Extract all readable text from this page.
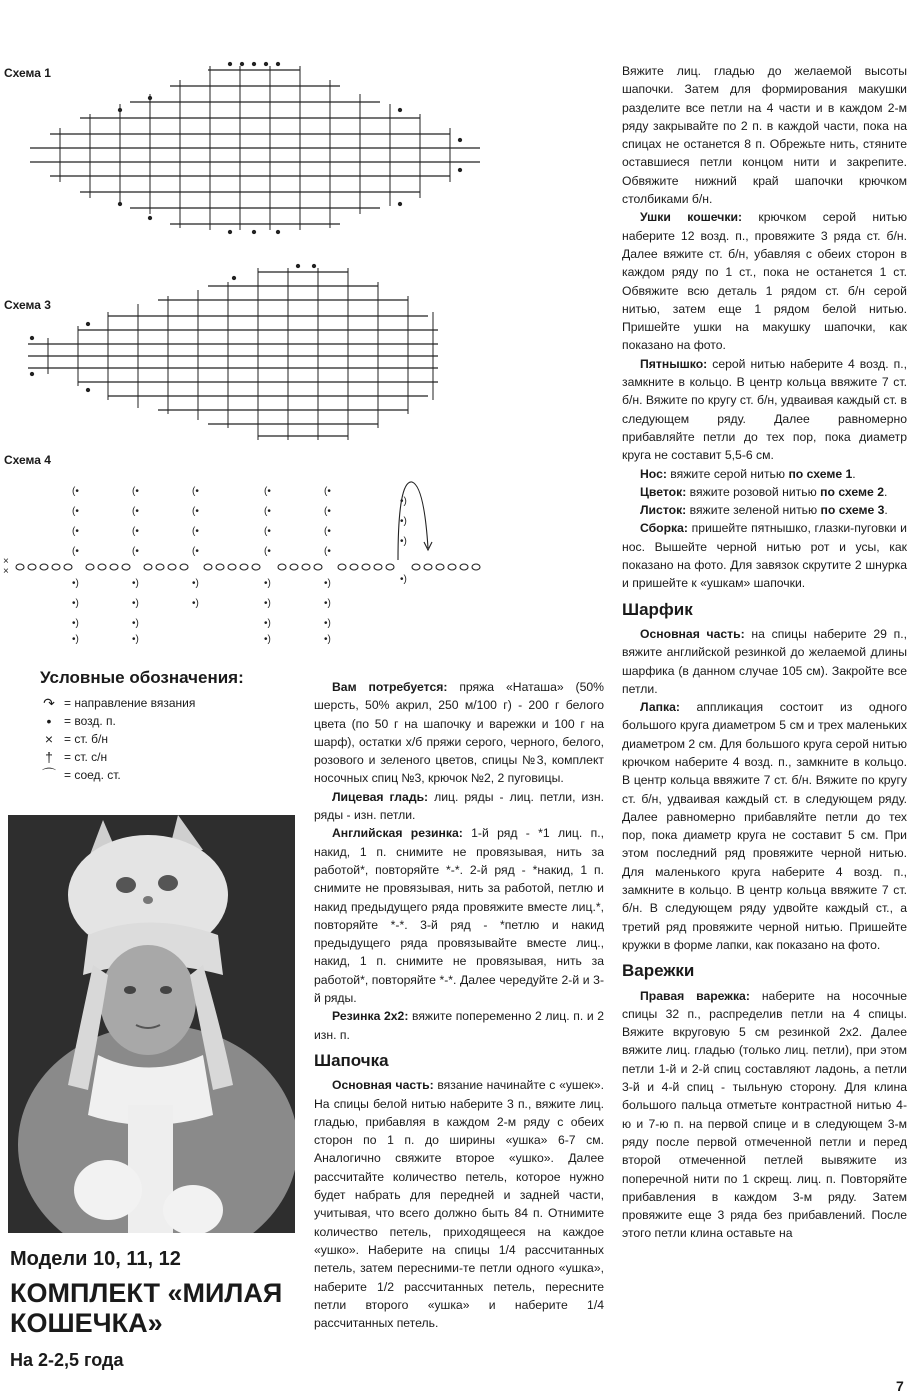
Схема 1
Схема 3
Схема 4
×
×
(•
(•
(•
(•
•)
•)
•)
•)
(•
(•
(•
(•
•)
•)
•)
•)
(•
(•
(•
(•
•)
•)
(•
(•
(•
(•
•)
•)
•)
•)
(•
(•
(•
(•
•)
•)
•)
•)
•)
•)
•)
•)
Условные обозначения:
↷ = направление вязания
•	= возд. п.
× = ст. б/н
† = ст. с/н
⌒ = соед. ст.
Модели 10, 11, 12
КОМПЛЕКТ «МИЛАЯ
КОШЕЧКА»
На 2-2,5 года

Вам потребуется: пряжа «Наташа» (50% шерсть, 50% акрил, 250 м/100 г) - 200 г белого цвета (по 50 г на шапочку и варежки и 100 г на шарф), остатки х/б пряжи серого, черного, белого, розового и зеленого цветов, спицы №3, комплект носочных спиц №3, крючок №2, 2 пуговицы.

Лицевая гладь: лиц. ряды - лиц. петли, изн. ряды - изн. петли.

Английская резинка: 1-й ряд - *1 лиц. п., накид, 1 п. снимите не провязывая, нить за работой*, повторяйте *-*. 2-й ряд - *накид, 1 п. снимите не провязывая, нить за работой, петлю и накид предыдущего ряда провяжите вместе лиц.*, повторяйте *-*. 3-й ряд - *петлю и накид предыдущего ряда провязывайте вместе лиц., накид, 1 п. снимите не провязывая, нить за работой*, повторяйте *-*. Далее чередуйте 2-й и 3-й ряды.

Резинка 2х2: вяжите попеременно 2 лиц. п. и 2 изн. п.

Шапочка

Основная часть: вязание начинайте с «ушек». На спицы белой нитью наберите 3 п., вяжите лиц. гладью, прибавляя в каждом 2-м ряду с обеих сторон по 1 п. до ширины «ушка» 6-7 см. Аналогично свяжите второе «ушко». Далее рассчитайте количество петель, которое нужно будет набрать для передней и задней части, учитывая, что всего должно быть 84 п. Отнимите количество петель, приходящееся на каждое «ушко». Наберите на спицы 1/4 рассчитанных петель, затем пересними-те петли одного «ушка», наберите 1/2 рассчитанных петель, пересните петли второго «ушка» и наберите 1/4 рассчитанных петель.

Вяжите лиц. гладью до желаемой высоты шапочки. Затем для формирования макушки разделите все петли на 4 части и в каждом 2-м ряду закрывайте по 2 п. в каждой части, пока на спицах не останется 8 п. Обрежьте нить, стяните оставшиеся петли концом нити и закрепите. Обвяжите нижний край шапочки крючком столбиками б/н.

Ушки кошечки: крючком серой нитью наберите 12 возд. п., провяжите 3 ряда ст. б/н. Далее вяжите ст. б/н, убавляя с обеих сторон в каждом ряду по 1 ст., пока не останется 1 ст. Обвяжите всю деталь 1 рядом ст. б/н серой нитью, затем еще 1 рядом белой нитью. Пришейте ушки на макушку шапочки, как показано на фото.

Пятнышко: серой нитью наберите 4 возд. п., замкните в кольцо. В центр кольца ввяжите 7 ст. б/н. Вяжите по кругу ст. б/н, удваивая каждый ст. в следующем ряду. Далее равномерно прибавляйте петли до тех пор, пока диаметр круга не составит 5,5-6 см.

Нос: вяжите серой нитью по схеме 1.

Цветок: вяжите розовой нитью по схеме 2.

Листок: вяжите зеленой нитью по схеме 3.

Сборка: пришейте пятнышко, глазки-пуговки и нос. Вышейте черной нитью рот и усы, как показано на фото. Для завязок скрутите 2 шнурка и пришейте к «ушкам» шапочки.

Шарфик

Основная часть: на спицы наберите 29 п., вяжите английской резинкой до желаемой длины шарфика (в данном случае 105 см). Закройте все петли.

Лапка: аппликация состоит из одного большого круга диаметром 5 см и трех маленьких диаметром 2 см. Для большого круга серой нитью крючком наберите 4 возд. п., замкните в кольцо. В центр кольца ввяжите 7 ст. б/н. Вяжите по кругу ст. б/н, удваивая каждый ст. в следующем ряду. Далее равномерно прибавляйте петли до тех пор, пока диаметр круга не составит 5 см. При этом последний ряд провяжите черной нитью. Для маленького круга наберите 4 возд. п., замкните в кольцо. В центр кольца ввяжите 7 ст. б/н. В следующем ряду удвойте каждый ст., а третий ряд провяжите черной нитью. Пришейте кружки в форме лапки, как показано на фото.

Варежки

Правая варежка: наберите на носочные спицы 32 п., распределив петли на 4 спицы. Вяжите вкруговую 5 см резинкой 2х2. Далее вяжите лиц. гладью (только лиц. петли), при этом петли 1-й и 2-й спиц составляют ладонь, а петли 3-й и 4-й спиц - тыльную сторону. Для клина большого пальца отметьте контрастной нитью 4-ю и 7-ю п. на первой спице и в следующем 3-м ряду после первой отмеченной петли и перед второй отмеченной петлей вывяжите из поперечной нити по 1 скрещ. лиц. п. Повторяйте прибавления в каждом 3-м ряду. Затем провяжите еще 3 ряда без прибавлений. После этого петли клина оставьте на

7
